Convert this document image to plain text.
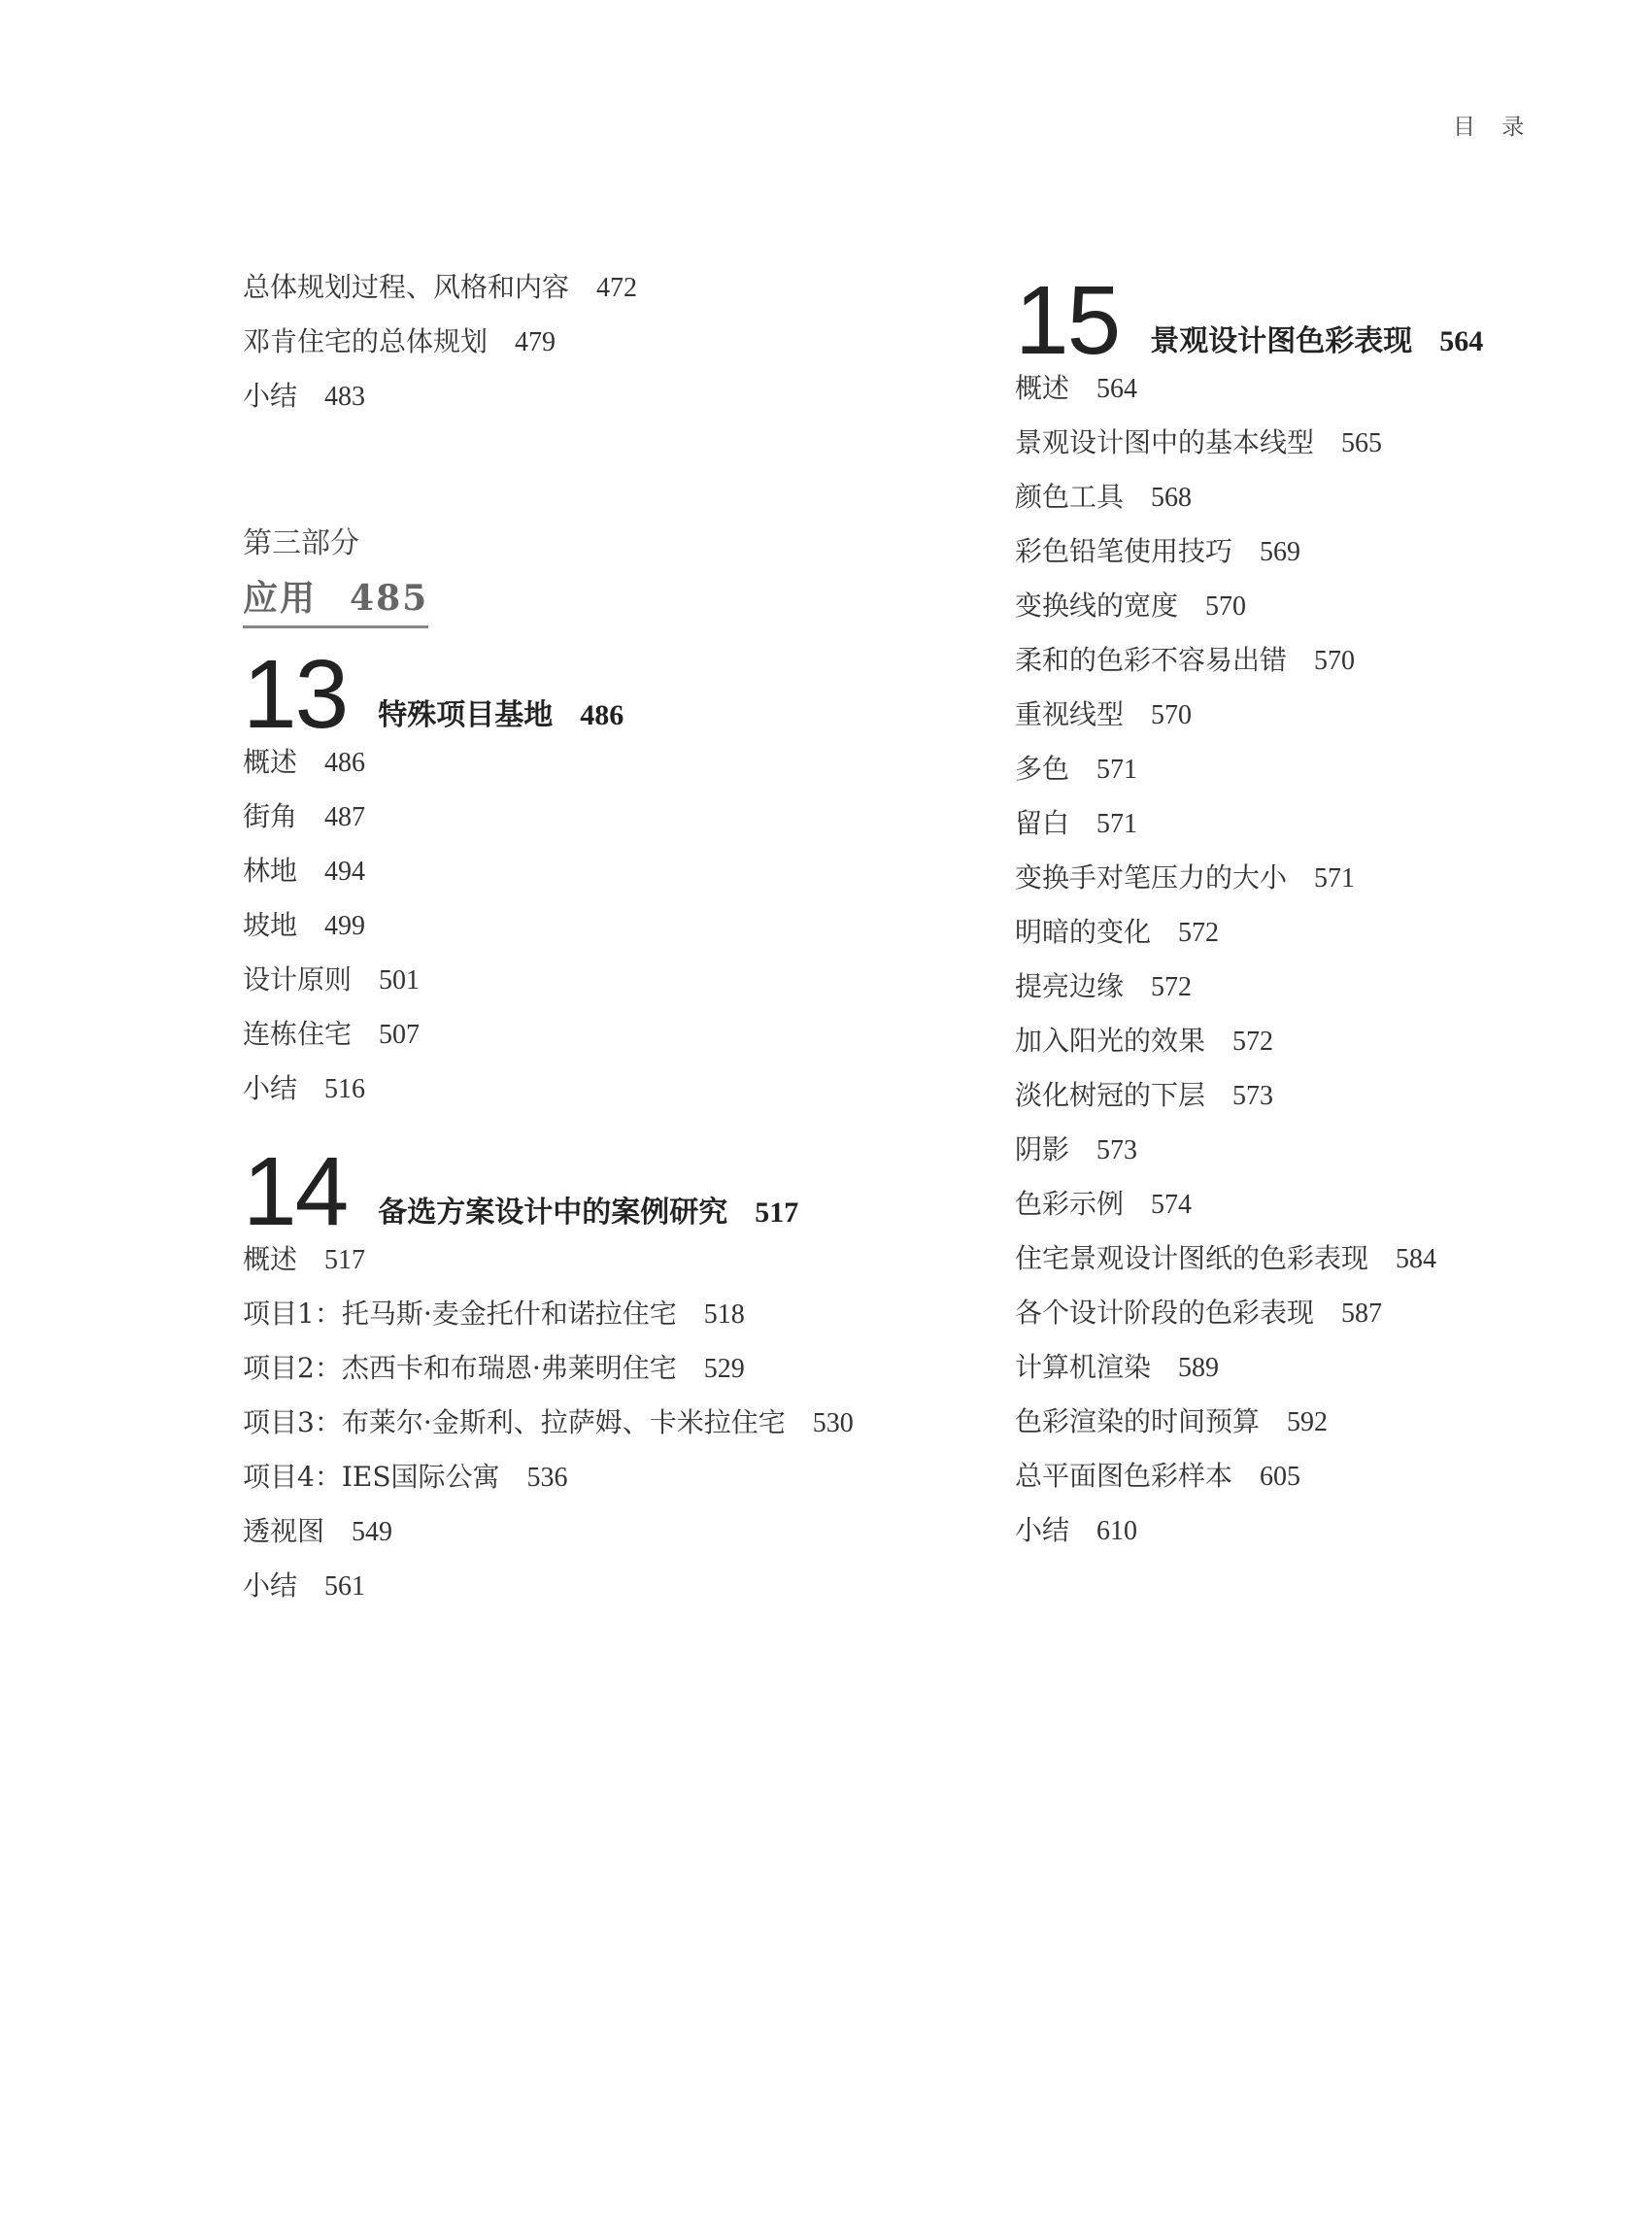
目 录
总体规划过程、风格和内容 472
邓肯住宅的总体规划 479
小结 483
第三部分
应用 485
13 特殊项目基地 486
概述 486
街角 487
林地 494
坡地 499
设计原则 501
连栋住宅 507
小结 516
14 备选方案设计中的案例研究 517
概述 517
项目1：托马斯·麦金托什和诺拉住宅 518
项目2：杰西卡和布瑞恩·弗莱明住宅 529
项目3：布莱尔·金斯利、拉萨姆、卡米拉住宅 530
项目4：IES国际公寓 536
透视图 549
小结 561
15 景观设计图色彩表现 564
概述 564
景观设计图中的基本线型 565
颜色工具 568
彩色铅笔使用技巧 569
变换线的宽度 570
柔和的色彩不容易出错 570
重视线型 570
多色 571
留白 571
变换手对笔压力的大小 571
明暗的变化 572
提亮边缘 572
加入阳光的效果 572
淡化树冠的下层 573
阴影 573
色彩示例 574
住宅景观设计图纸的色彩表现 584
各个设计阶段的色彩表现 587
计算机渲染 589
色彩渲染的时间预算 592
总平面图色彩样本 605
小结 610
